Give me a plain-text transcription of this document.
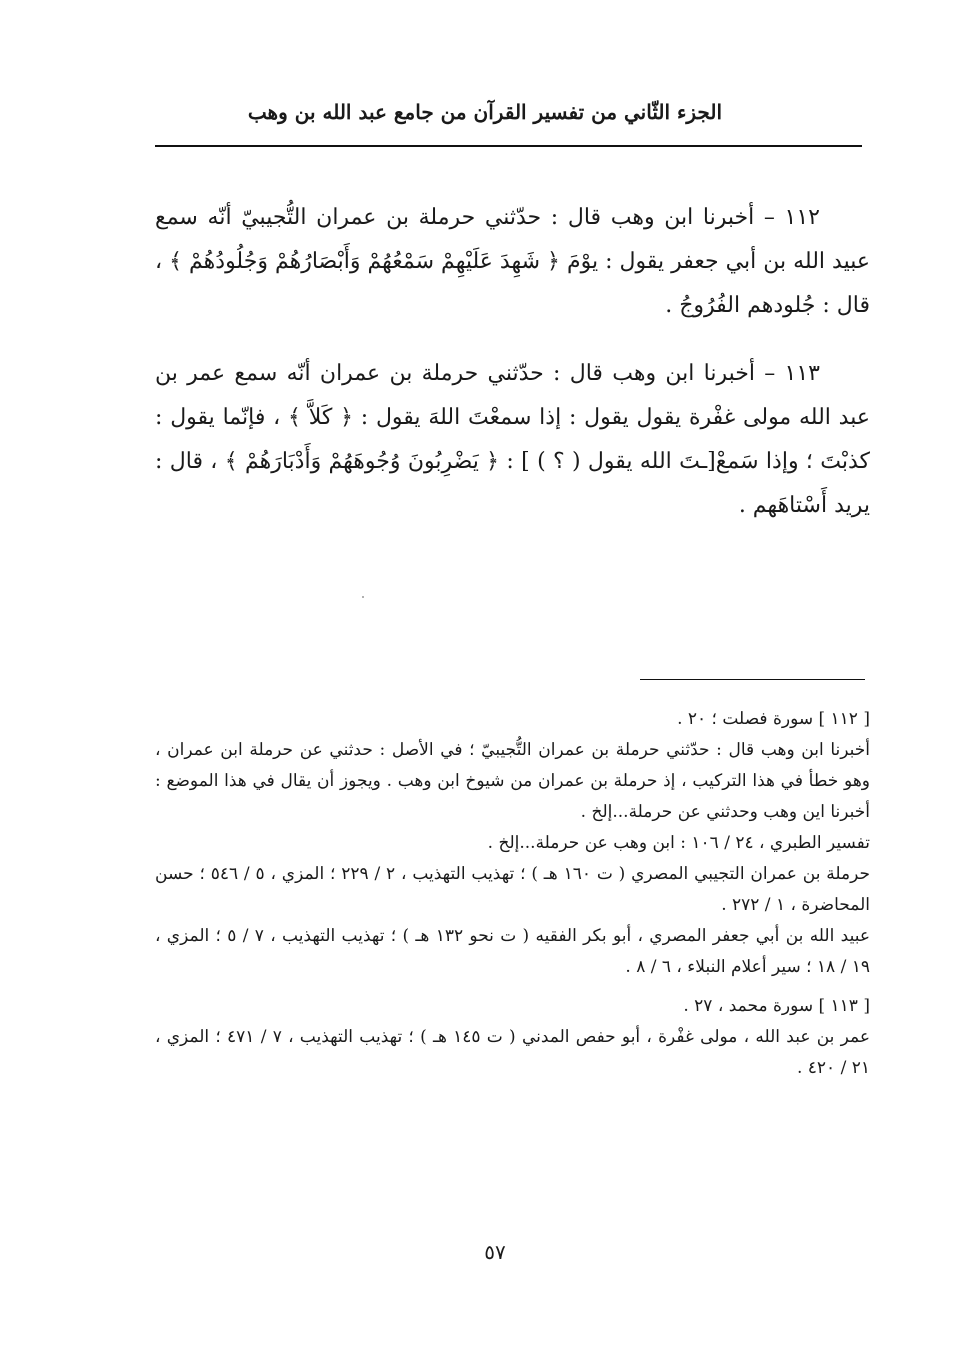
الجزء الثّاني من تفسير القرآن من جامع عبد الله بن وهب

١١٢ – أخبرنا ابن وهب قال : حدّثني حرملة بن عمران التُّجيبيّ أنّه سمع عبيد الله بن أبي جعفر يقول : يوْمَ ﴿ شَهِدَ عَلَيْهِمْ سَمْعُهُمْ وَأَبْصَارُهُمْ وَجُلُودُهُمْ ﴾ ، قال : جُلودهم الفُرُوجُ .

١١٣ – أخبرنا ابن وهب قال : حدّثني حرملة بن عمران أنّه سمع عمر بن عبد الله مولى غفْرة يقول يقول : إذا سمعْتَ اللهَ يقول : ﴿ كَلاَّ ﴾ ، فإنّما يقول : كذبْتَ ؛ وإذا سَمعْ[ـتَ الله يقول ( ؟ ) ] : ﴿ يَضْرِبُونَ وُجُوهَهُمْ وَأَدْبَارَهُمْ ﴾ ، قال : يريد أَسْتاهَهم .

[ ١١٢ ] سورة فصلت ؛ ٢٠ .

أخبرنا ابن وهب قال : حدّثني حرملة بن عمران التُّجيبيّ ؛ في الأصل : حدثني عن حرملة ابن عمران ، وهو خطأ في هذا التركيب ، إذ حرملة بن عمران من شيوخ ابن وهب . ويجوز أن يقال في هذا الموضع : أخبرنا اين وهب وحدثني عن حرملة...إلخ .

تفسير الطبري ، ٢٤ / ١٠٦ : ابن وهب عن حرملة...إلخ .

حرملة بن عمران التجيبي المصري ( ت ١٦٠ هـ ) ؛ تهذيب التهذيب ، ٢ / ٢٢٩ ؛ المزي ، ٥ / ٥٤٦ ؛ حسن المحاضرة ، ١ / ٢٧٢ .

عبيد الله بن أبي جعفر المصري ، أبو بكر الفقيه ( ت نحو ١٣٢ هـ ) ؛ تهذيب التهذيب ، ٧ / ٥ ؛ المزي ، ١٩ / ١٨ ؛ سير أعلام النبلاء ، ٦ / ٨ .

[ ١١٣ ] سورة محمد ، ٢٧ .

عمر بن عبد الله ، مولى غفْرة ، أبو حفص المدني ( ت ١٤٥ هـ ) ؛ تهذيب التهذيب ، ٧ / ٤٧١ ؛ المزي ، ٢١ / ٤٢٠ .

٥٧
